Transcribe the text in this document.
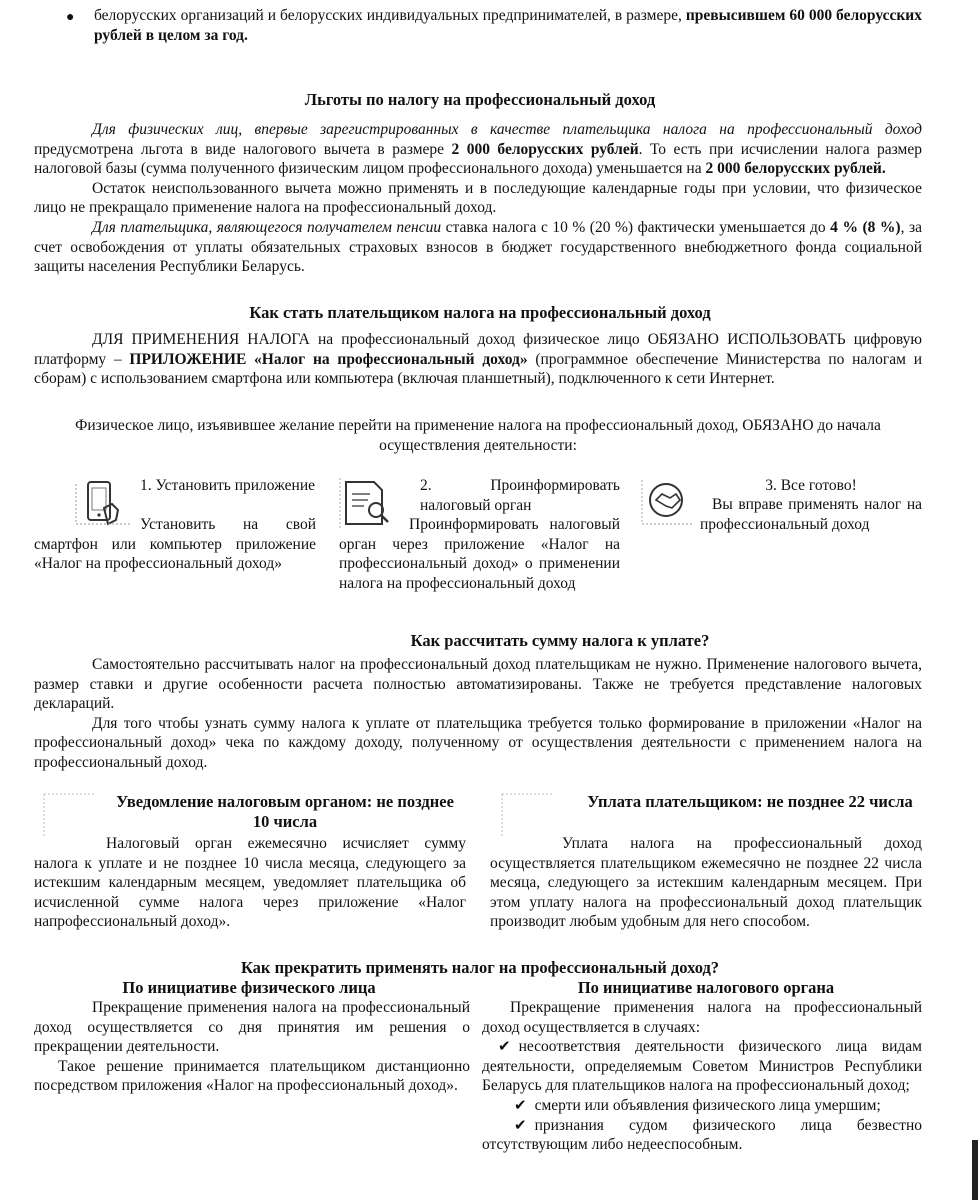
● белорусских организаций и белорусских индивидуальных предпринимателей, в размере, превысившем 60 000 белорусских рублей в целом за год.
Льготы по налогу на профессиональный доход

Для физических лиц, впервые зарегистрированных в качестве плательщика налога на профессиональный доход предусмотрена льгота в виде налогового вычета в размере 2 000 белорусских рублей. То есть при исчислении налога размер налоговой базы (сумма полученного физическим лицом профессионального дохода) уменьшается на 2 000 белорусских рублей.

Остаток неиспользованного вычета можно применять и в последующие календарные годы при условии, что физическое лицо не прекращало применение налога на профессиональный доход.

Для плательщика, являющегося получателем пенсии ставка налога с 10 % (20 %) фактически уменьшается до 4 % (8 %), за счет освобождения от уплаты обязательных страховых взносов в бюджет государственного внебюджетного фонда социальной защиты населения Республики Беларусь.

Как стать плательщиком налога на профессиональный доход

ДЛЯ ПРИМЕНЕНИЯ НАЛОГА на профессиональный доход физическое лицо ОБЯЗАНО ИСПОЛЬЗОВАТЬ цифровую платформу – ПРИЛОЖЕНИЕ «Налог на профессиональный доход» (программное обеспечение Министерства по налогам и сборам) с использованием смартфона или компьютера (включая планшетный), подключенного к сети Интернет.

Физическое лицо, изъявившее желание перейти на применение налога на профессиональный доход, ОБЯЗАНО до начала осуществления деятельности:

1. Установить приложение
Установить на свой смартфон или компьютер приложение «Налог на профессиональный доход»
2. Проинформировать налоговый орган
Проинформировать налоговый орган через приложение «Налог на профессиональный доход» о применении налога на профессиональный доход
3. Все готово!
Вы вправе применять налог на профессиональный доход
Как рассчитать сумму налога к уплате?

Самостоятельно рассчитывать налог на профессиональный доход плательщикам не нужно. Применение налогового вычета, размер ставки и другие особенности расчета полностью автоматизированы. Также не требуется представление налоговых деклараций.

Для того чтобы узнать сумму налога к уплате от плательщика требуется только формирование в приложении «Налог на профессиональный доход» чека по каждому доходу, полученному от осуществления деятельности с применением налога на профессиональный доход.

Уведомление налоговым органом: не позднее 10 числа

Налоговый орган ежемесячно исчисляет сумму налога к уплате и не позднее 10 числа месяца, следующего за истекшим календарным месяцем, уведомляет плательщика об исчисленной сумме налога через приложение «Налог напрофессиональный доход».

Уплата плательщиком: не позднее 22 числа

Уплата налога на профессиональный доход осуществляется плательщиком ежемесячно не позднее 22 числа месяца, следующего за истекшим календарным месяцем. При этом уплату налога на профессиональный доход плательщик производит любым удобным для него способом.

Как прекратить применять налог на профессиональный доход?
По инициативе физического лица

Прекращение применения налога на профессиональный доход осуществляется со дня принятия им решения о прекращении деятельности.

Такое решение принимается плательщиком дистанционно посредством приложения «Налог на профессиональный доход».

По инициативе налогового органа

Прекращение применения налога на профессиональный доход осуществляется в случаях:

✔ несоответствия деятельности физического лица видам деятельности, определяемым Советом Министров Республики Беларусь для плательщиков налога на профессиональный доход;

✔ смерти или объявления физического лица умершим;

✔ признания судом физического лица безвестно отсутствующим либо недееспособным.
